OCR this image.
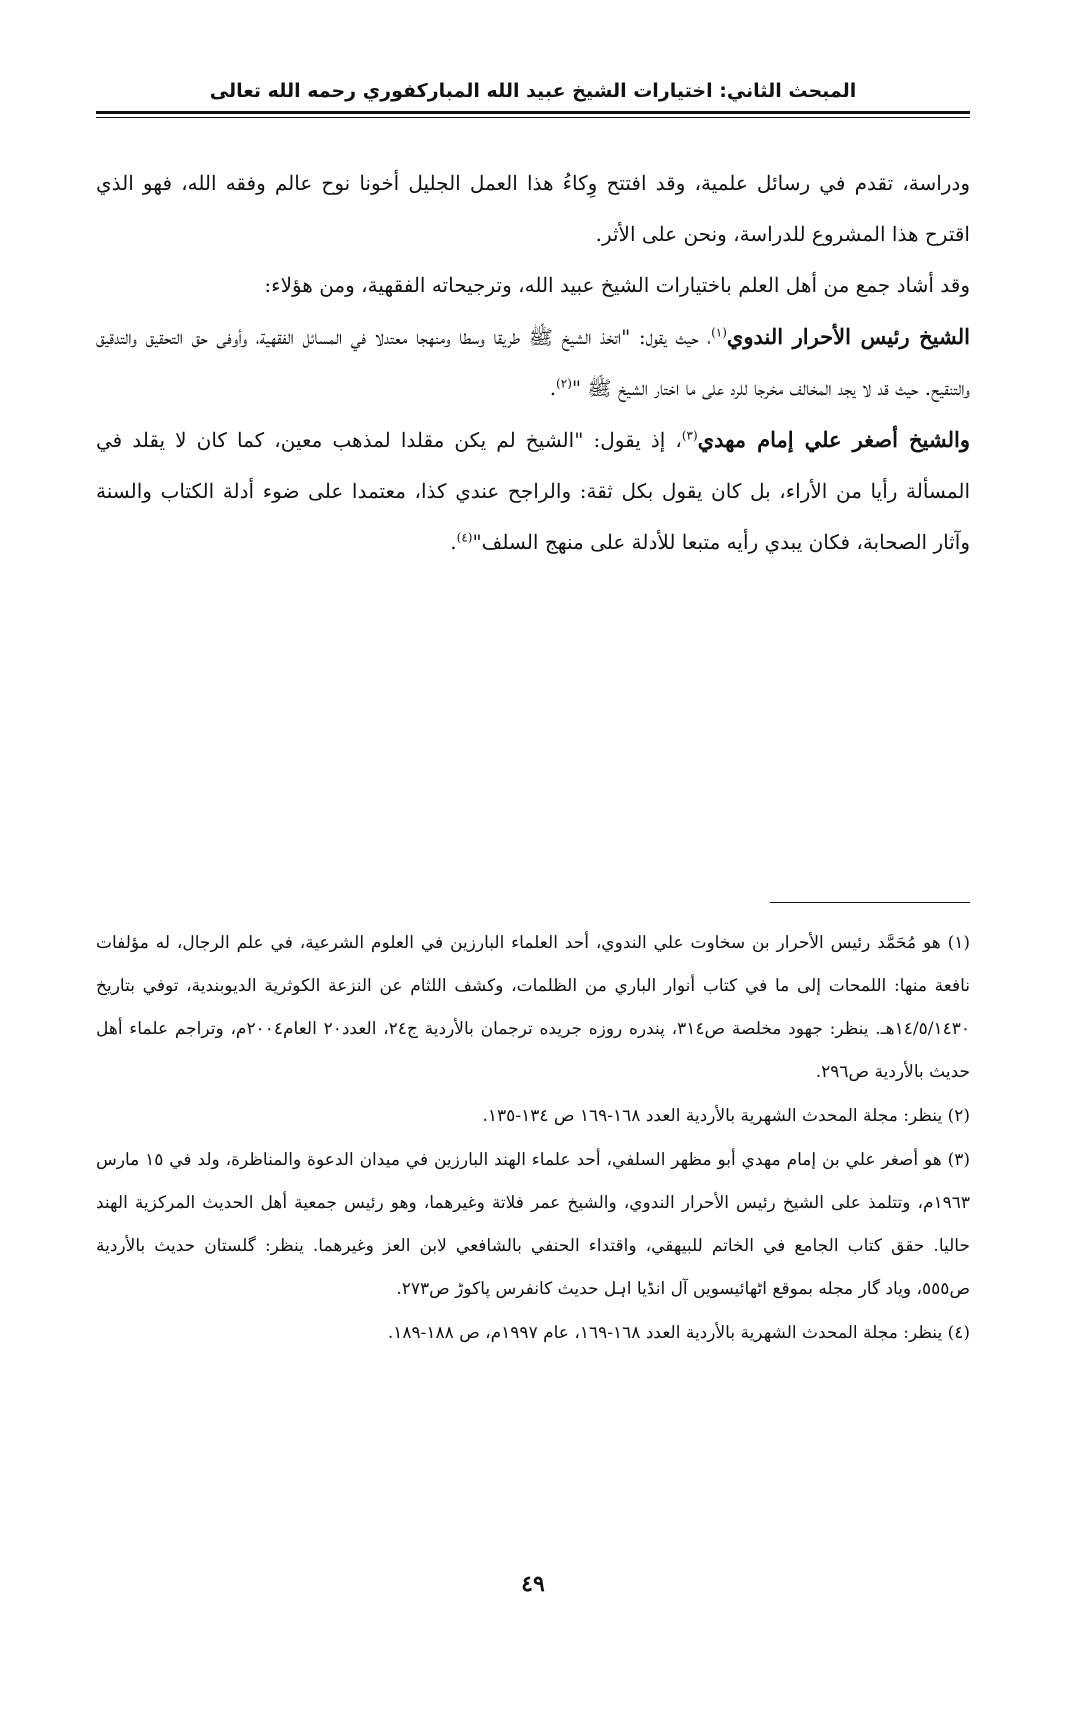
المبحث الثاني: اختيارات الشيخ عبيد الله المباركفوري رحمه الله تعالى

ودراسة، تقدم في رسائل علمية، وقد افتتح وِكاءُ هذا العمل الجليل أخونا نوح عالم وفقه الله، فهو الذي اقترح هذا المشروع للدراسة، ونحن على الأثر.

وقد أشاد جمع من أهل العلم باختيارات الشيخ عبيد الله، وترجيحاته الفقهية، ومن هؤلاء:

الشيخ رئيس الأحرار الندوي$^{(١)}$، حيث يقول: "اتخذ الشيخ ﷺ طريقا وسطا ومنهجا معتدلا في المسائل الفقهية، وأوفى حق التحقيق والتدقيق والتنقيح. حيث قد لا يجد المخالف مخرجا للرد على ما اختار الشيخ ﷺ "$^{(٢)}$.

والشيخ أصغر علي إمام مهدي$^{(٣)}$، إذ يقول: "الشيخ لم يكن مقلدا لمذهب معين، كما كان لا يقلد في المسألة رأيا من الأراء، بل كان يقول بكل ثقة: والراجح عندي كذا، معتمدا على ضوء أدلة الكتاب والسنة وآثار الصحابة، فكان يبدي رأيه متبعا للأدلة على منهج السلف"$^{(٤)}$.

(١) هو مُحَمَّد رئيس الأحرار بن سخاوت علي الندوي، أحد العلماء البارزين في العلوم الشرعية، في علم الرجال، له مؤلفات نافعة منها: اللمحات إلى ما في كتاب أنوار الباري من الظلمات، وكشف اللثام عن النزعة الكوثرية الديوبندية، توفي بتاريخ ١٤/٥/١٤٣٠هـ. ينظر: جهود مخلصة ص٣١٤، پندره روزه جريده ترجمان بالأردية ج٢٤، العدد٢٠ العام٢٠٠٤م، وتراجم علماء أهل حديث بالأردية ص٢٩٦.

(٢) ينظر: مجلة المحدث الشهرية بالأردية العدد ١٦٨-١٦٩ ص ١٣٤-١٣٥.

(٣) هو أصغر علي بن إمام مهدي أبو مظهر السلفي، أحد علماء الهند البارزين في ميدان الدعوة والمناظرة، ولد في ١٥ مارس ١٩٦٣م، وتتلمذ على الشيخ رئيس الأحرار الندوي، والشيخ عمر فلاتة وغيرهما، وهو رئيس جمعية أهل الحديث المركزية الهند حاليا. حقق كتاب الجامع في الخاتم للبيهقي، واقتداء الحنفي بالشافعي لابن العز وغيرهما. ينظر: گلستان حديث بالأردية ص٥٥٥، وياد گار مجله بموقع اٹھائيسويں آل انڈيا اہل حديث کانفرس پاکوڑ ص٢٧٣.

(٤) ينظر: مجلة المحدث الشهرية بالأردية العدد ١٦٨-١٦٩، عام ١٩٩٧م، ص ١٨٨-١٨٩.

٤٩
